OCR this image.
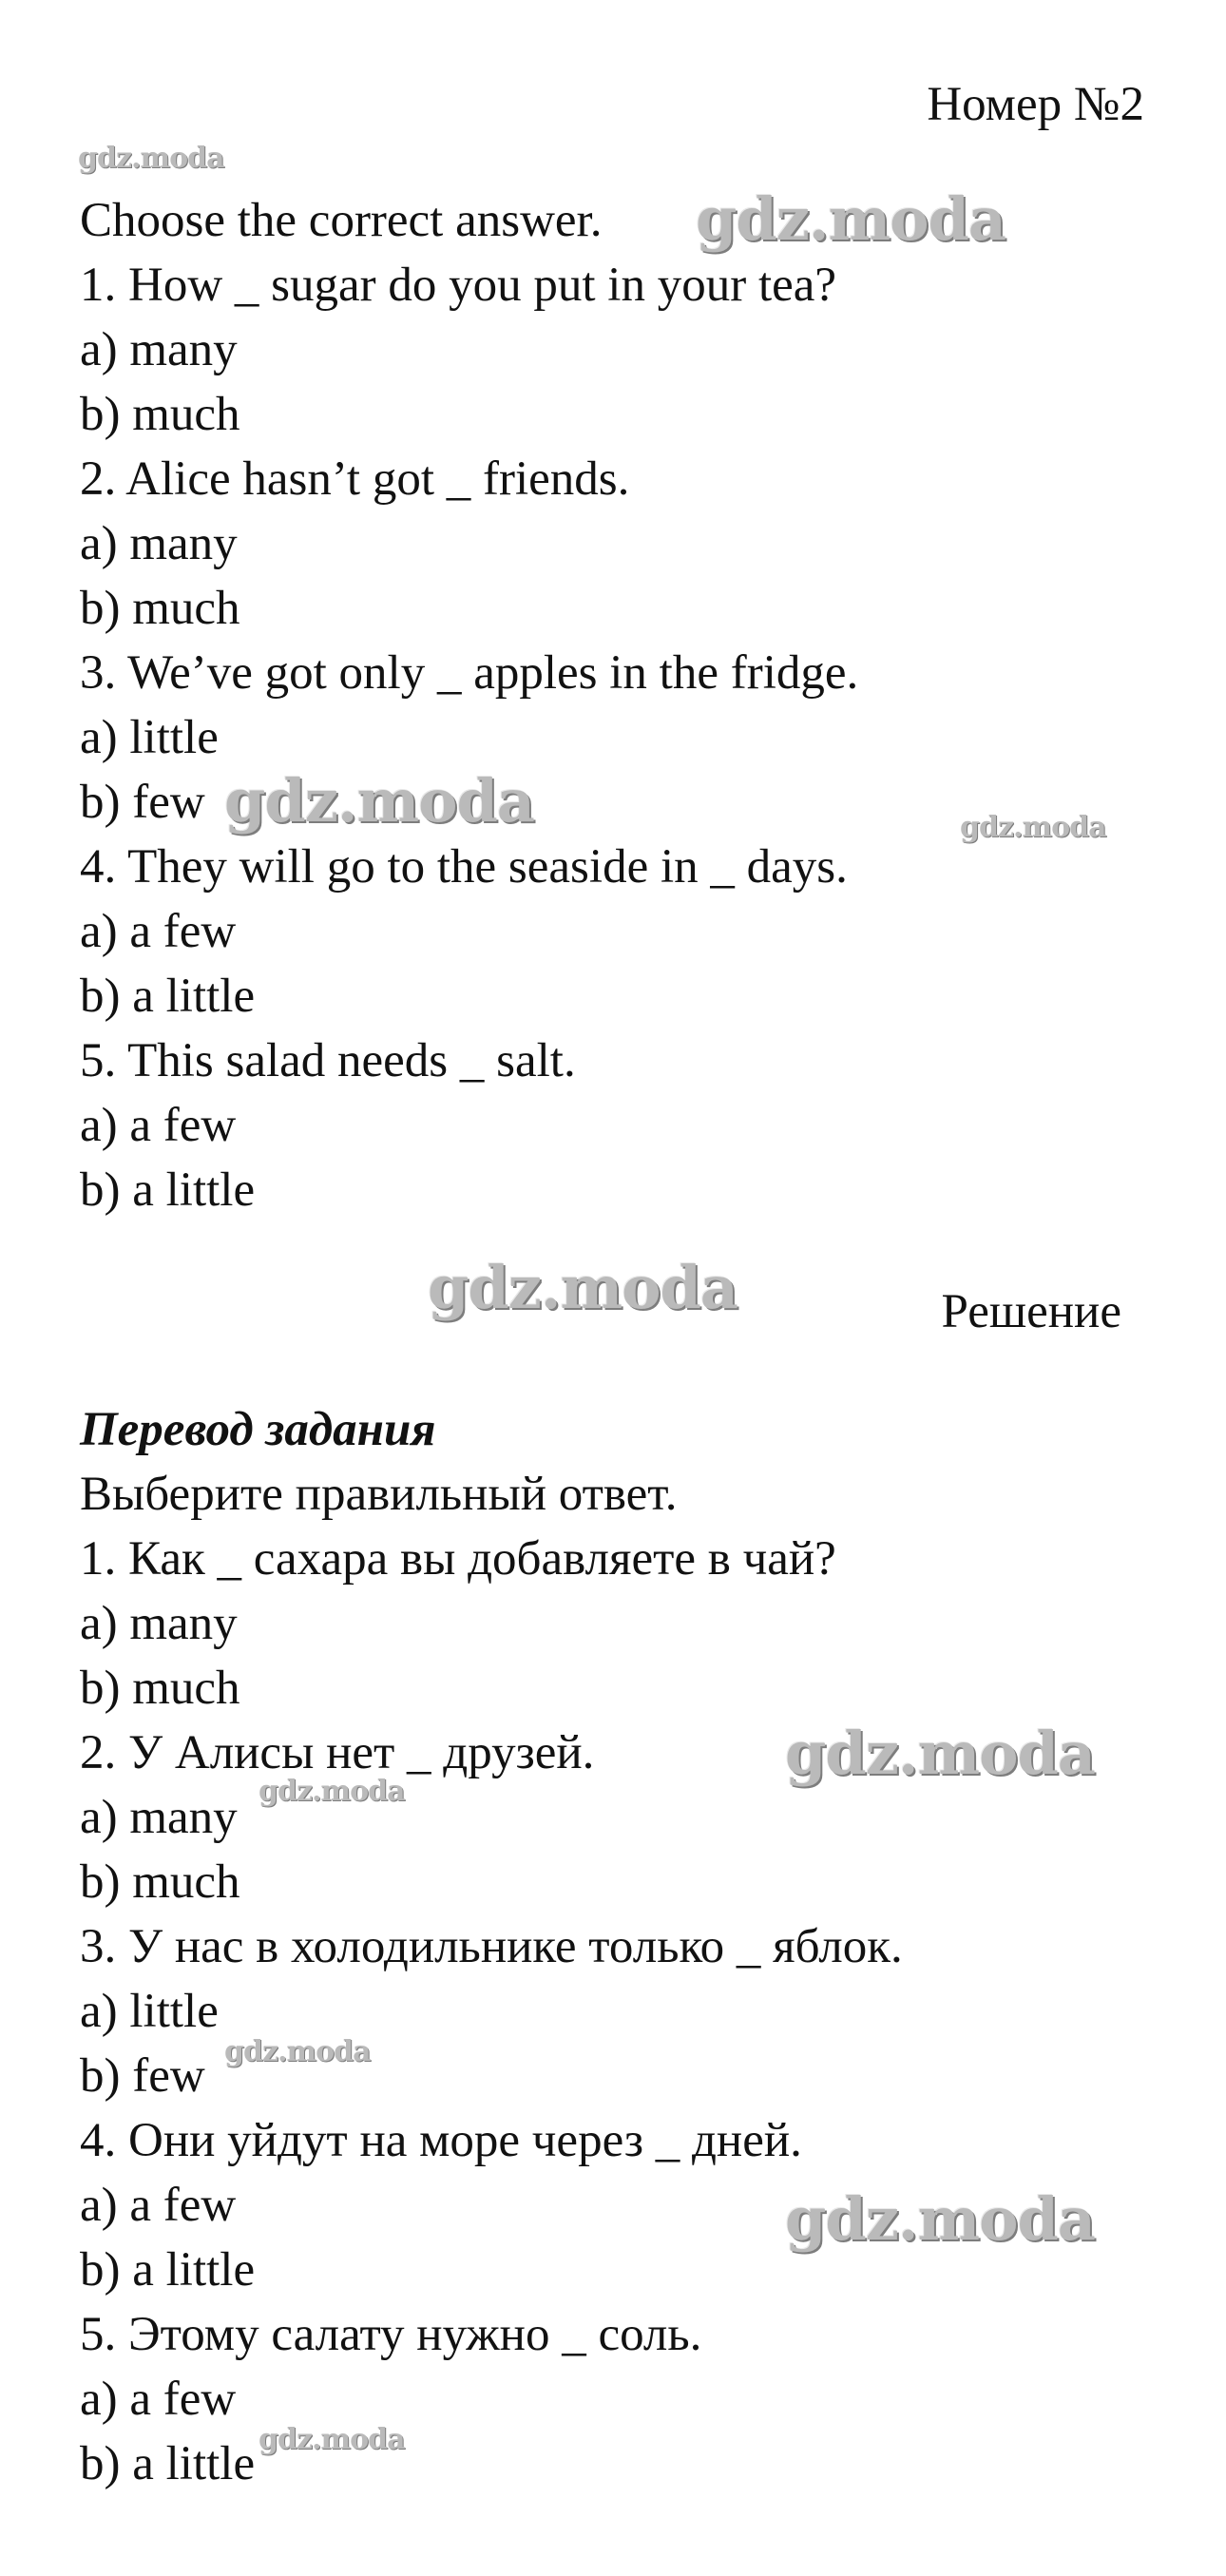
Номер №2
Choose the correct answer.
1. How _ sugar do you put in your tea?
a) many
b) much
2. Alice hasn’t got _ friends.
a) many
b) much
3. We’ve got only _ apples in the fridge.
a) little
b) few
4. They will go to the seaside in _ days.
a) a few
b) a little
5. This salad needs _ salt.
a) a few
b) a little
Решение
Перевод задания
Выберите правильный ответ.
1. Как _ сахара вы добавляете в чай?
a) many
b) much
2. У Алисы нет _ друзей.
a) many
b) much
3. У нас в холодильнике только _ яблок.
a) little
b) few
4. Они уйдут на море через _ дней.
a) a few
b) a little
5. Этому салату нужно _ соль.
a) a few
b) a little
gdz.moda
gdz.moda
gdz.moda	gdz.moda
gdz.moda
gdz.moda
gdz.moda
gdz.moda
gdz.moda
gdz.moda
